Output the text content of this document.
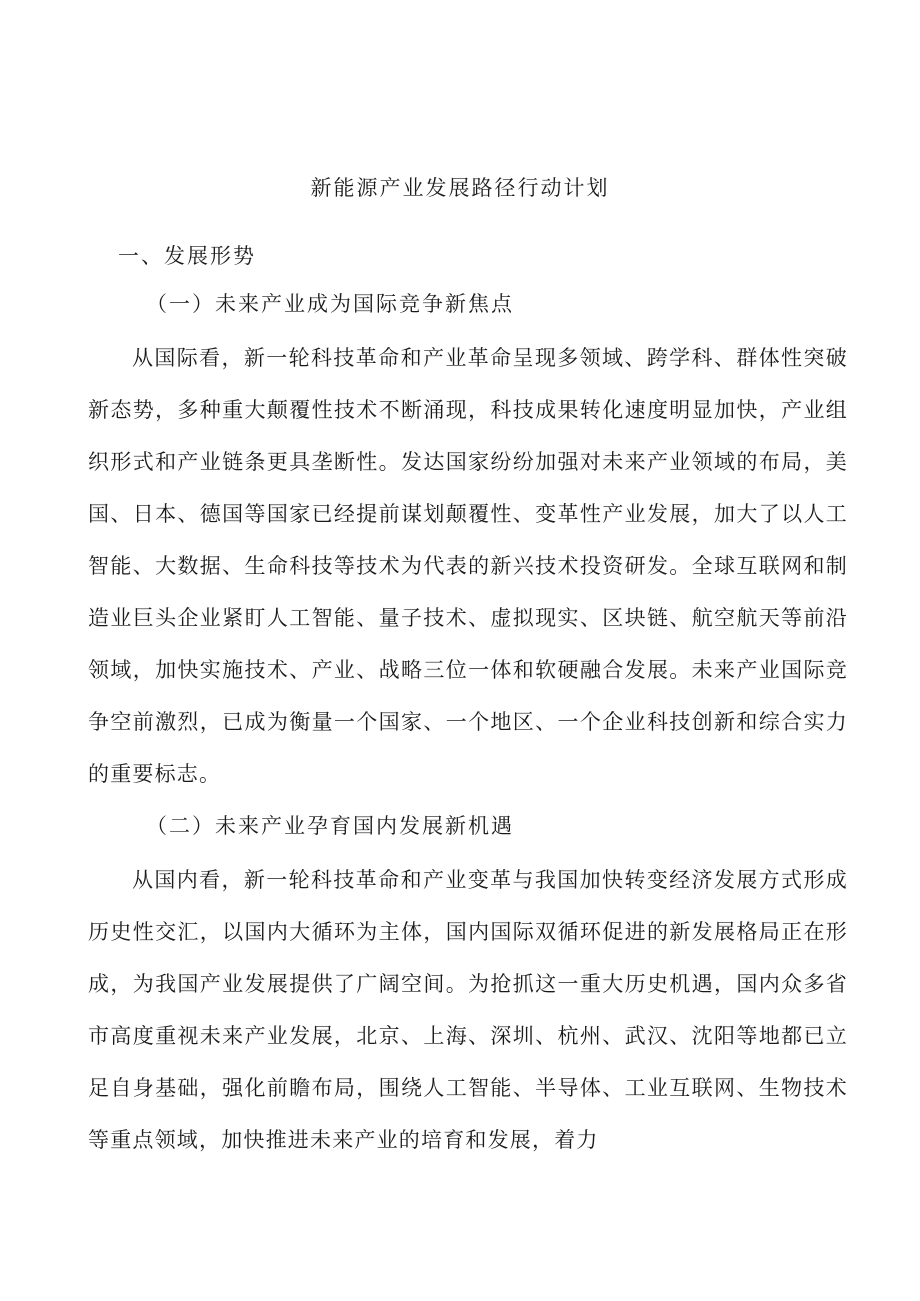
新能源产业发展路径行动计划
一、发展形势
（一）未来产业成为国际竞争新焦点

从国际看，新一轮科技革命和产业革命呈现多领域、跨学科、群体性突破新态势，多种重大颠覆性技术不断涌现，科技成果转化速度明显加快，产业组织形式和产业链条更具垄断性。发达国家纷纷加强对未来产业领域的布局，美国、日本、德国等国家已经提前谋划颠覆性、变革性产业发展，加大了以人工智能、大数据、生命科技等技术为代表的新兴技术投资研发。全球互联网和制造业巨头企业紧盯人工智能、量子技术、虚拟现实、区块链、航空航天等前沿领域，加快实施技术、产业、战略三位一体和软硬融合发展。未来产业国际竞争空前激烈，已成为衡量一个国家、一个地区、一个企业科技创新和综合实力的重要标志。

（二）未来产业孕育国内发展新机遇

从国内看，新一轮科技革命和产业变革与我国加快转变经济发展方式形成历史性交汇，以国内大循环为主体，国内国际双循环促进的新发展格局正在形成，为我国产业发展提供了广阔空间。为抢抓这一重大历史机遇，国内众多省市高度重视未来产业发展，北京、上海、深圳、杭州、武汉、沈阳等地都已立足自身基础，强化前瞻布局，围绕人工智能、半导体、工业互联网、生物技术等重点领域，加快推进未来产业的培育和发展，着力
